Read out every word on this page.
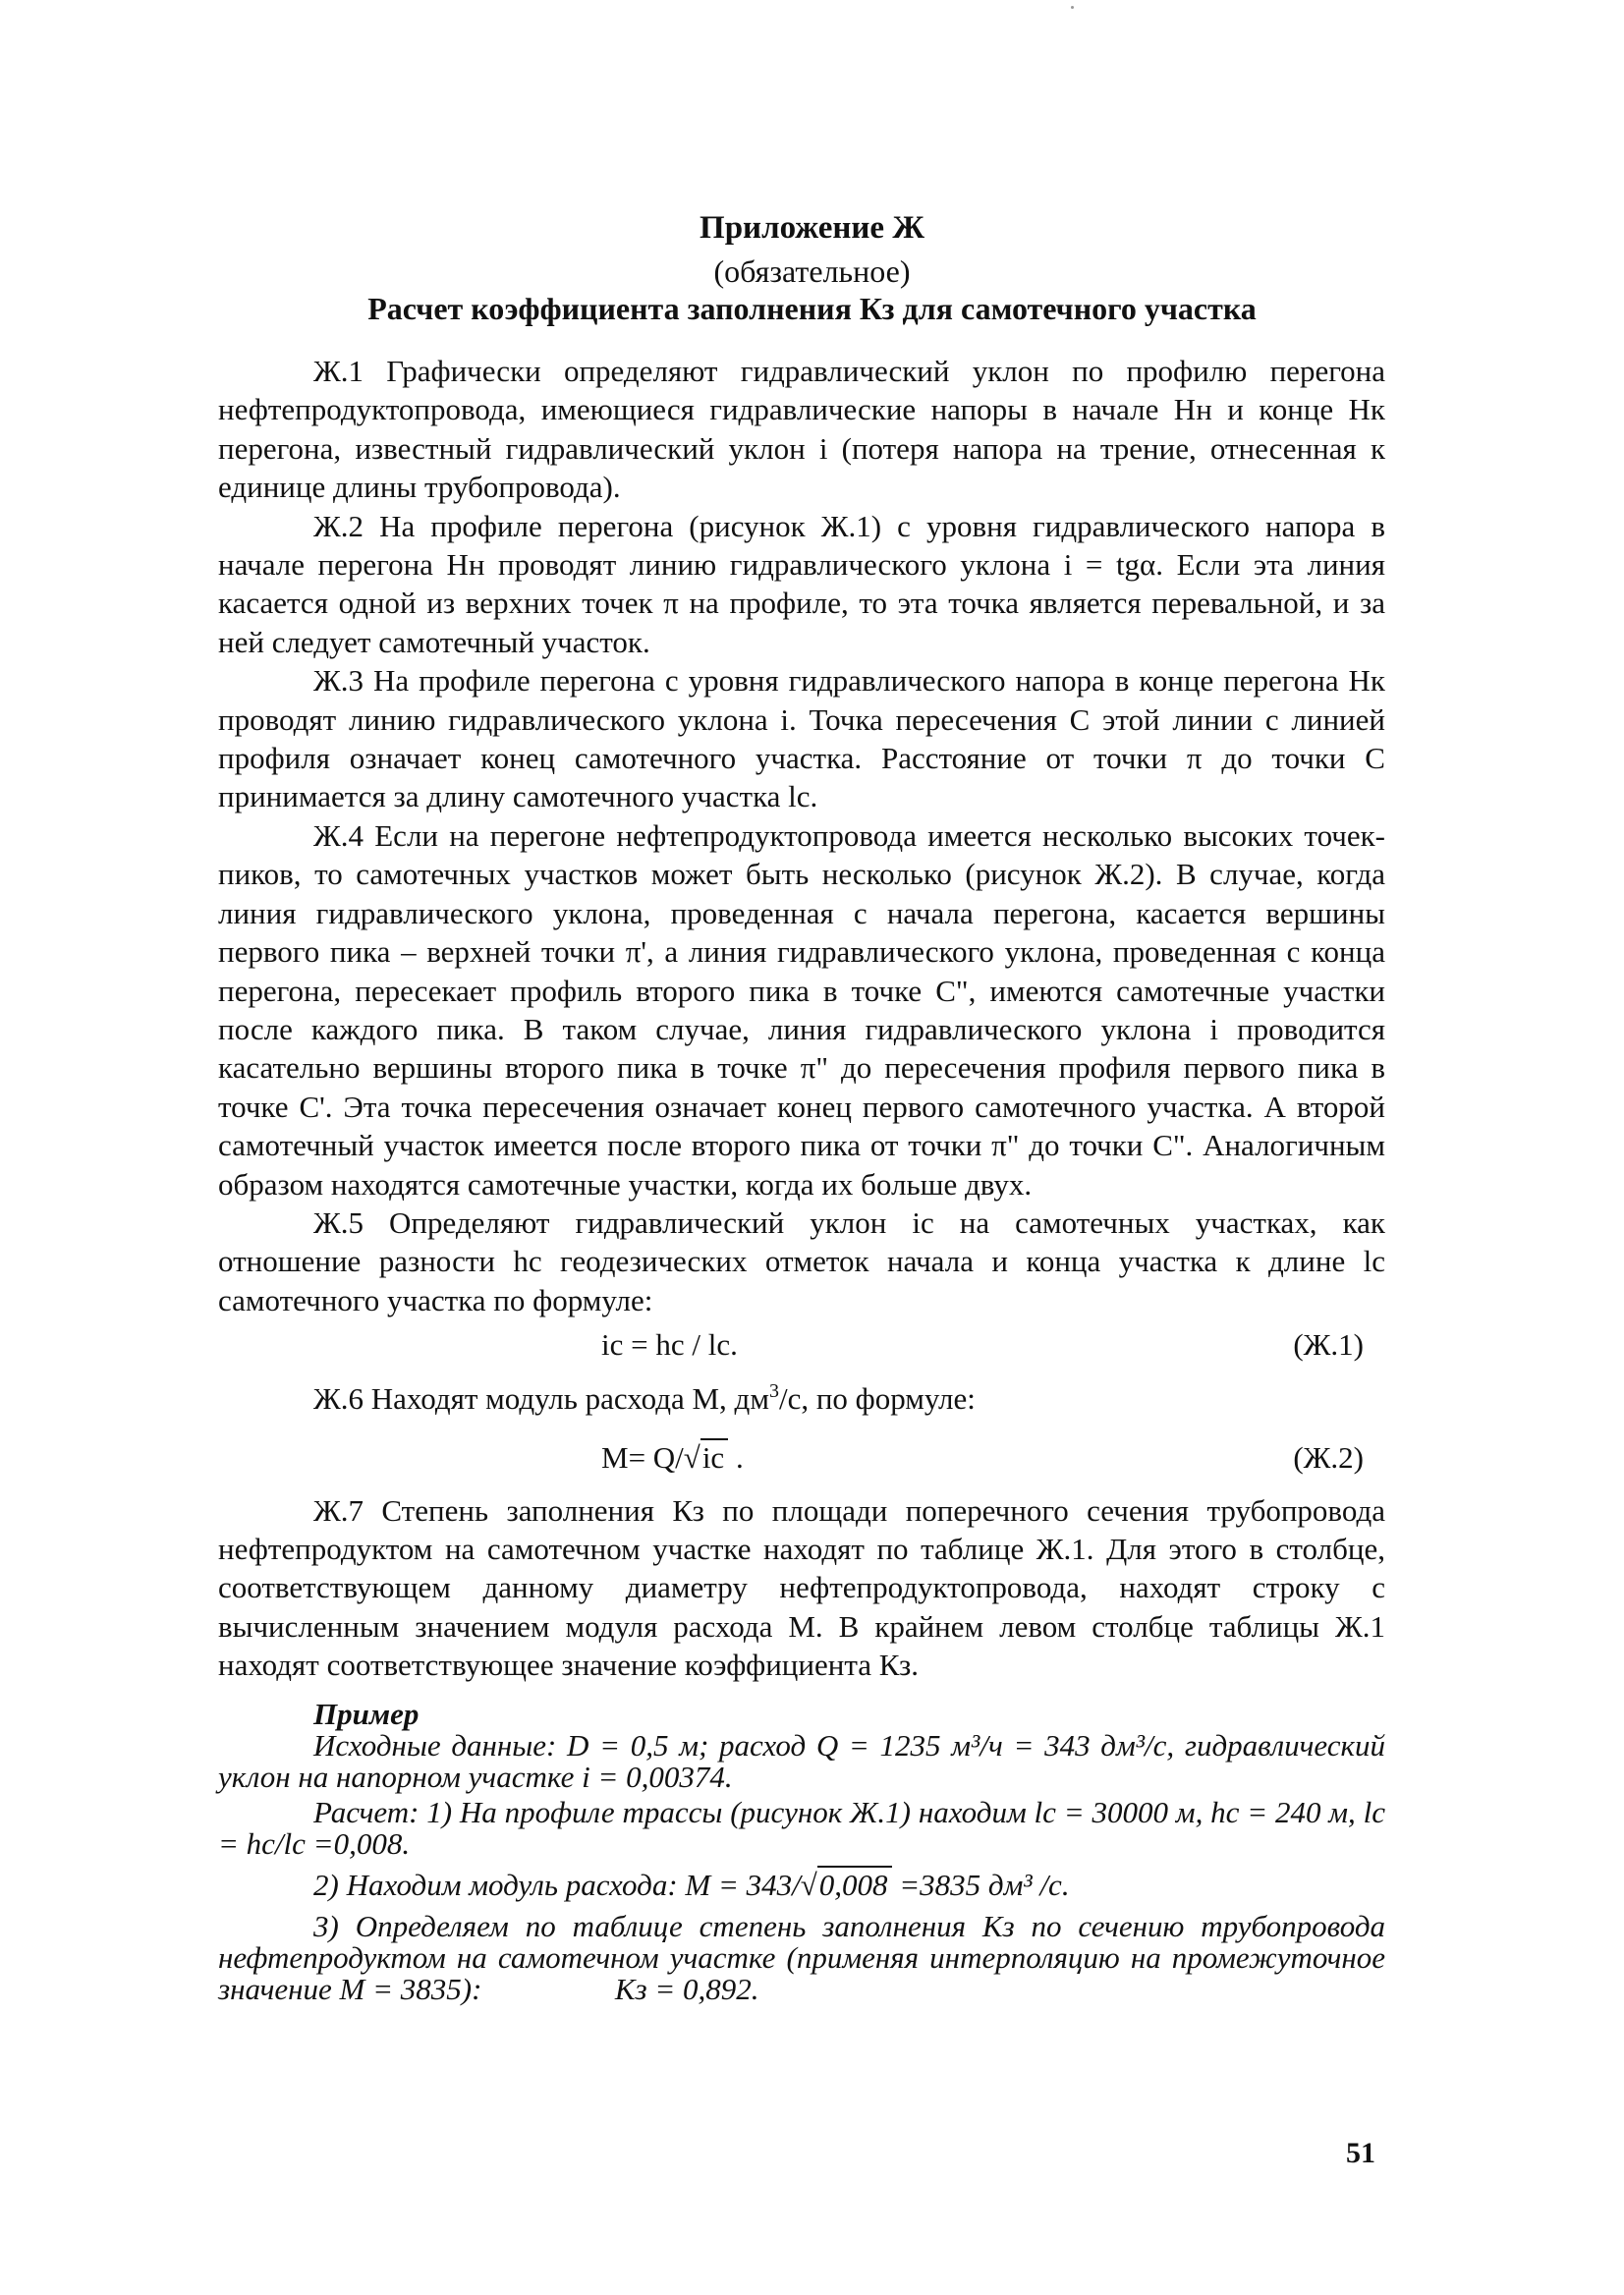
Приложение Ж
(обязательное)
Расчет коэффициента заполнения Кз для самотечного участка

Ж.1 Графически определяют гидравлический уклон по профилю перегона нефтепродуктопровода, имеющиеся гидравлические напоры в начале Нн и конце Нк перегона, известный гидравлический уклон i (потеря напора на трение, отнесенная к единице длины трубопровода).

Ж.2 На профиле перегона (рисунок Ж.1) с уровня гидравлического напора в начале перегона Нн проводят линию гидравлического уклона i = tgα. Если эта линия касается одной из верхних точек π на профиле, то эта точка является перевальной, и за ней следует самотечный участок.

Ж.3 На профиле перегона с уровня гидравлического напора в конце перегона Нк проводят линию гидравлического уклона i. Точка пересечения С этой линии с линией профиля означает конец самотечного участка. Расстояние от точки π до точки С принимается за длину самотечного участка lс.

Ж.4 Если на перегоне нефтепродуктопровода имеется несколько высоких точек-пиков, то самотечных участков может быть несколько (рисунок Ж.2). В случае, когда линия гидравлического уклона, проведенная с начала перегона, касается вершины первого пика – верхней точки π', а линия гидравлического уклона, проведенная с конца перегона, пересекает профиль второго пика в точке С", имеются самотечные участки после каждого пика. В таком случае, линия гидравлического уклона i проводится касательно вершины второго пика в точке π" до пересечения профиля первого пика в точке С'. Эта точка пересечения означает конец первого самотечного участка. А второй самотечный участок имеется после второго пика от точки π" до точки С". Аналогичным образом находятся самотечные участки, когда их больше двух.

Ж.5 Определяют гидравлический уклон iс на самотечных участках, как отношение разности hс геодезических отметок начала и конца участка к длине lс самотечного участка по формуле:

iс = hс / lс.	(Ж.1)

Ж.6 Находят модуль расхода М, $дм^3/с$, по формуле:

М= Q/√iс .	(Ж.2)

Ж.7 Степень заполнения Кз по площади поперечного сечения трубопровода нефтепродуктом на самотечном участке находят по таблице Ж.1. Для этого в столбце, соответствующем данному диаметру нефтепродуктопровода, находят строку с вычисленным значением модуля расхода М. В крайнем левом столбце таблицы Ж.1 находят соответствующее значение коэффициента Кз.

Пример

Исходные данные: D = 0,5 м; расход Q = 1235 м³/ч = 343 дм³/с, гидравлический уклон на напорном участке i = 0,00374.

Расчет: 1) На профиле трассы (рисунок Ж.1) находим lс = 30000 м, hс = 240 м, lс = hс/lс =0,008.

2) Находим модуль расхода: М = 343/√0,008 =3835 дм³ /с.

3) Определяем по таблице степень заполнения Кз по сечению трубопровода нефтепродуктом на самотечном участке (применяя интерполяцию на промежуточное значение М = 3835):	Кз = 0,892.

51
